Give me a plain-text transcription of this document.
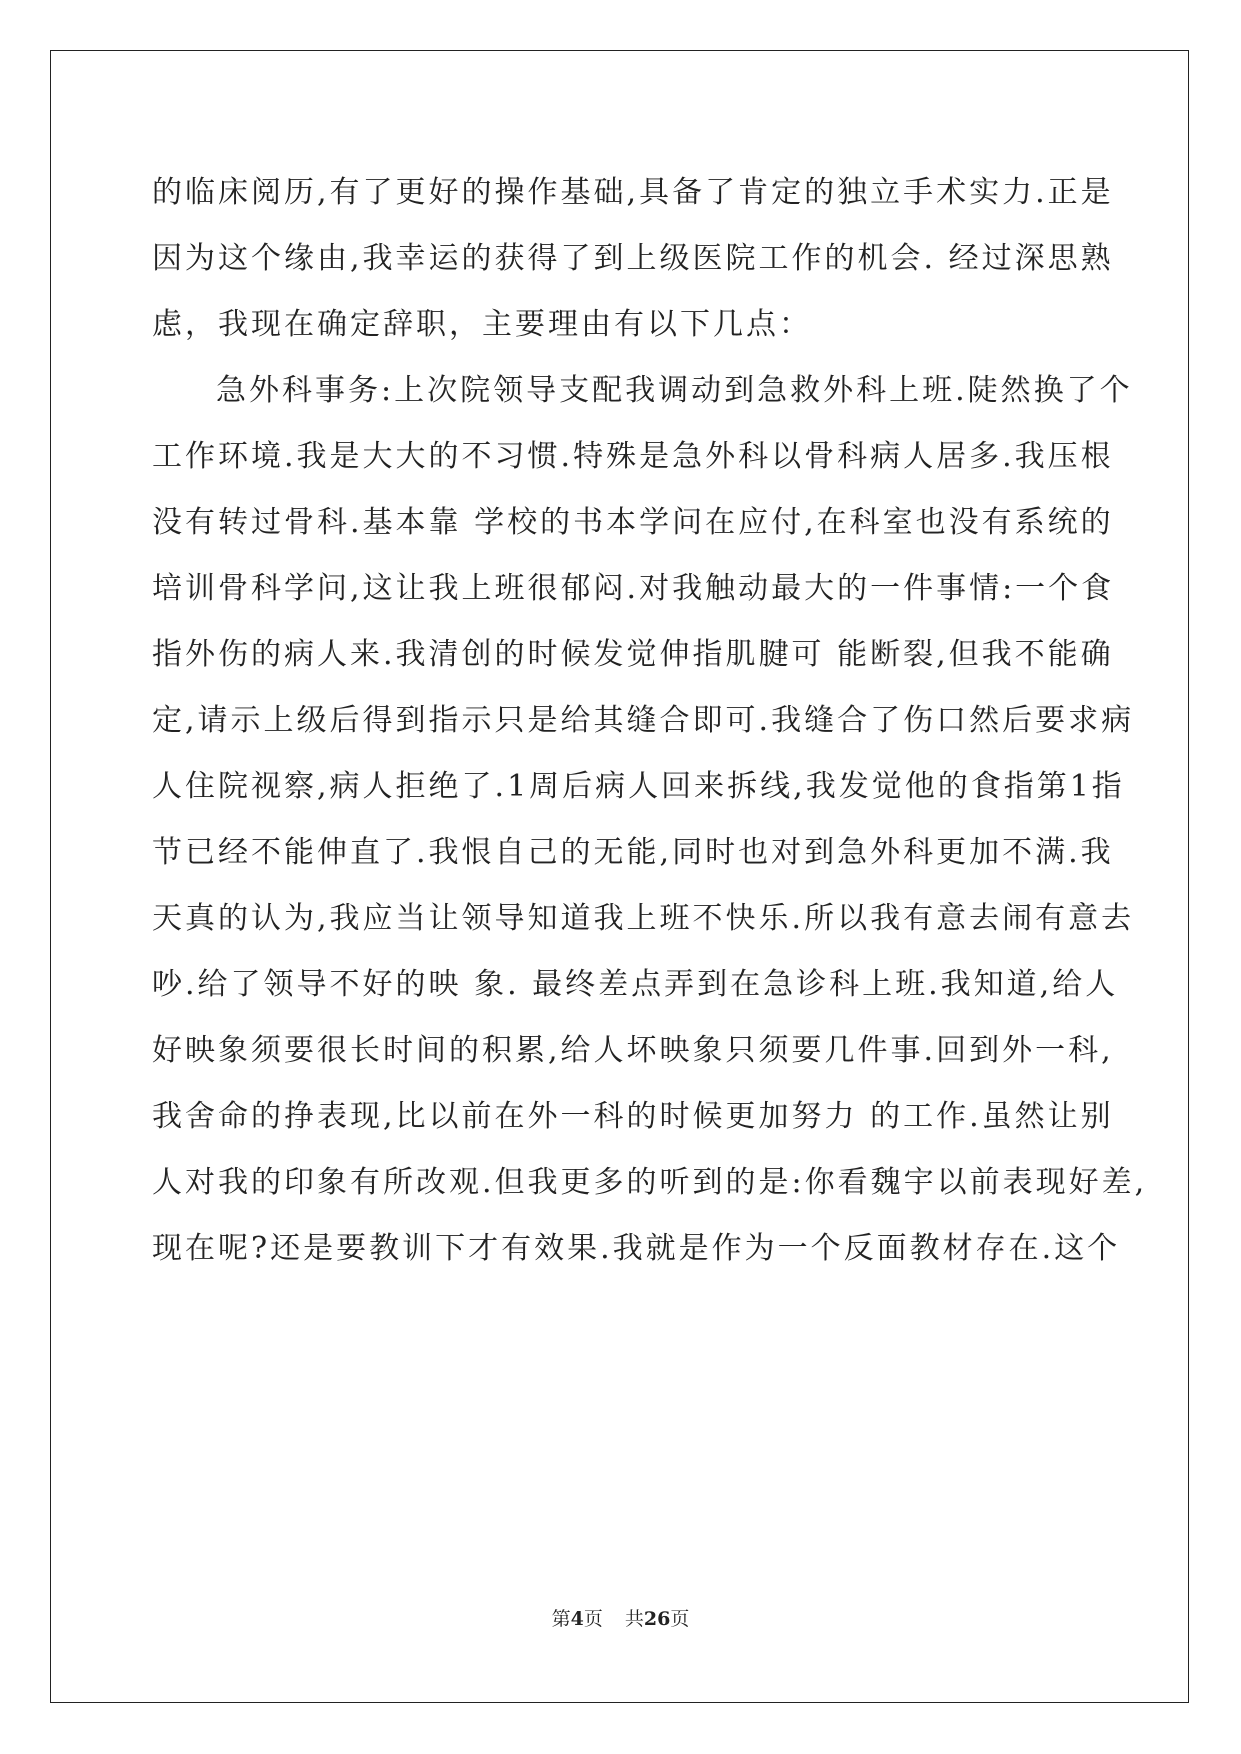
的临床阅历,有了更好的操作基础,具备了肯定的独立手术实力.正是
因为这个缘由,我幸运的获得了到上级医院工作的机会. 经过深思熟
虑，我现在确定辞职，主要理由有以下几点：
急外科事务:上次院领导支配我调动到急救外科上班.陡然换了个
工作环境.我是大大的不习惯.特殊是急外科以骨科病人居多.我压根
没有转过骨科.基本靠 学校的书本学问在应付,在科室也没有系统的
培训骨科学问,这让我上班很郁闷.对我触动最大的一件事情:一个食
指外伤的病人来.我清创的时候发觉伸指肌腱可 能断裂,但我不能确
定,请示上级后得到指示只是给其缝合即可.我缝合了伤口然后要求病
人住院视察,病人拒绝了.1周后病人回来拆线,我发觉他的食指第1指
节已经不能伸直了.我恨自己的无能,同时也对到急外科更加不满.我
天真的认为,我应当让领导知道我上班不快乐.所以我有意去闹有意去
吵.给了领导不好的映 象. 最终差点弄到在急诊科上班.我知道,给人
好映象须要很长时间的积累,给人坏映象只须要几件事.回到外一科,
我舍命的挣表现,比以前在外一科的时候更加努力 的工作.虽然让别
人对我的印象有所改观.但我更多的听到的是:你看魏宇以前表现好差,
现在呢?还是要教训下才有效果.我就是作为一个反面教材存在.这个
第4页 共26页
